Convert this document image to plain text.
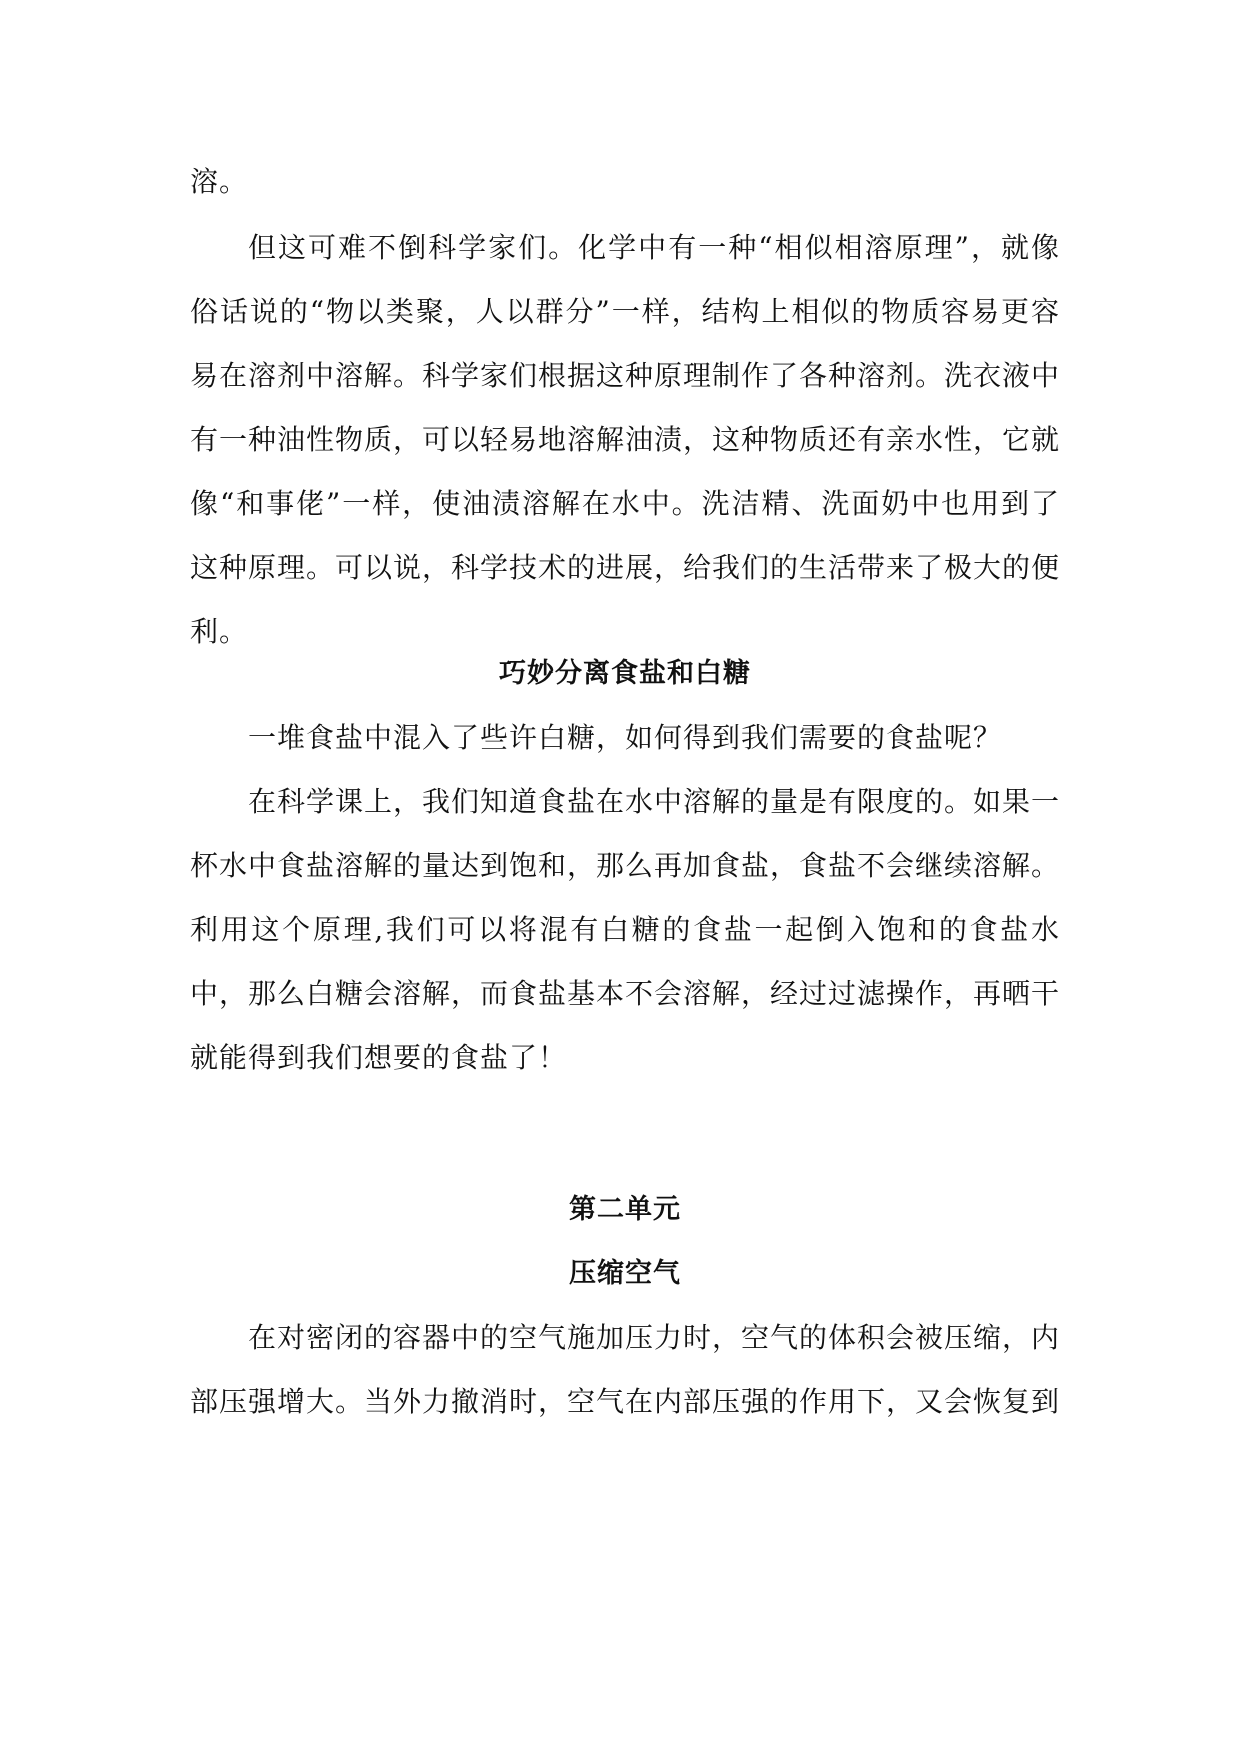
溶。

但这可难不倒科学家们。化学中有一种“相似相溶原理”，就像俗话说的“物以类聚，人以群分”一样，结构上相似的物质容易更容易在溶剂中溶解。科学家们根据这种原理制作了各种溶剂。洗衣液中有一种油性物质，可以轻易地溶解油渍，这种物质还有亲水性，它就像“和事佬”一样，使油渍溶解在水中。洗洁精、洗面奶中也用到了这种原理。可以说，科学技术的进展，给我们的生活带来了极大的便利。

巧妙分离食盐和白糖

一堆食盐中混入了些许白糖，如何得到我们需要的食盐呢？

在科学课上，我们知道食盐在水中溶解的量是有限度的。如果一杯水中食盐溶解的量达到饱和，那么再加食盐，食盐不会继续溶解。利用这个原理,我们可以将混有白糖的食盐一起倒入饱和的食盐水中，那么白糖会溶解，而食盐基本不会溶解，经过过滤操作，再晒干就能得到我们想要的食盐了！

第二单元
压缩空气

在对密闭的容器中的空气施加压力时，空气的体积会被压缩，内部压强增大。当外力撤消时，空气在内部压强的作用下，又会恢复到
